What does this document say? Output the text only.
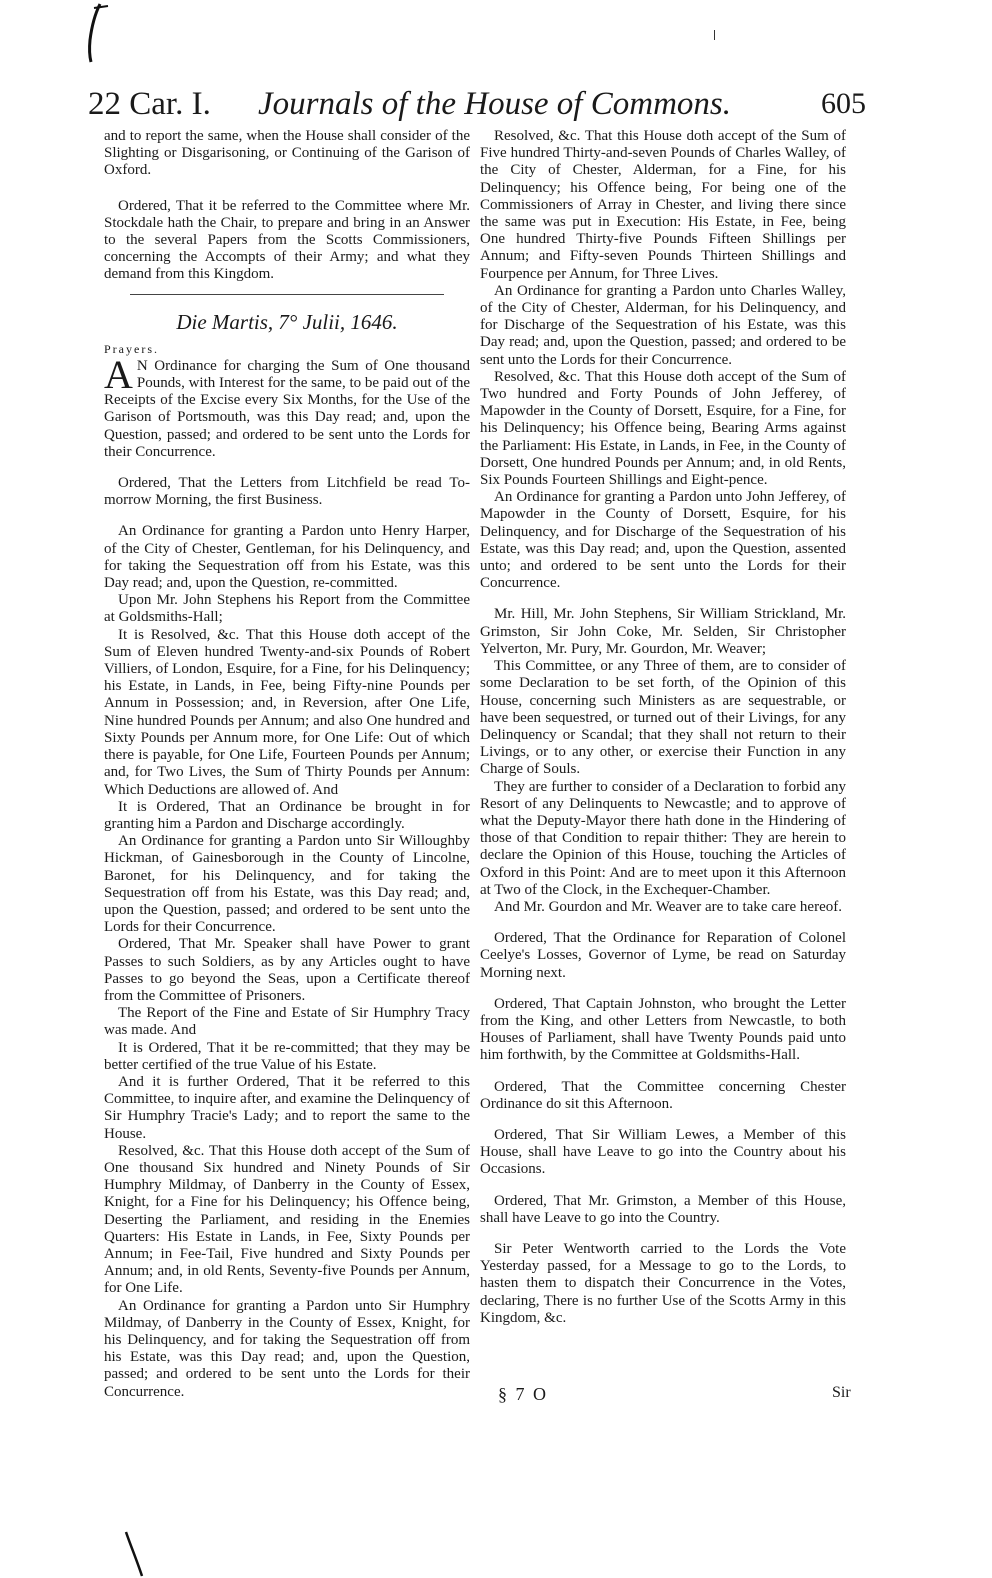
22 Car. I. Journals of the House of Commons.	605

and to report the same, when the House shall consider of the Slighting or Disgarisoning, or Continuing of the Garison of Oxford.

Ordered, That it be referred to the Committee where Mr. Stockdale hath the Chair, to prepare and bring in an Answer to the several Papers from the Scotts Commissioners, concerning the Accompts of their Army; and what they demand from this Kingdom.

Die Martis, 7° Julii, 1646.

Prayers.

A N Ordinance for charging the Sum of One thousand Pounds, with Interest for the same, to be paid out of the Receipts of the Excise every Six Months, for the Use of the Garison of Portsmouth, was this Day read; and, upon the Question, passed; and ordered to be sent unto the Lords for their Concurrence.

Ordered, That the Letters from Litchfield be read To-morrow Morning, the first Business.

An Ordinance for granting a Pardon unto Henry Harper, of the City of Chester, Gentleman, for his Delinquency, and for taking the Sequestration off from his Estate, was this Day read; and, upon the Question, re-committed.

Upon Mr. John Stephens his Report from the Committee at Goldsmiths-Hall;

It is Resolved, &c. That this House doth accept of the Sum of Eleven hundred Twenty-and-six Pounds of Robert Villiers, of London, Esquire, for a Fine, for his Delinquency; his Estate, in Lands, in Fee, being Fifty-nine Pounds per Annum in Possession; and, in Reversion, after One Life, Nine hundred Pounds per Annum; and also One hundred and Sixty Pounds per Annum more, for One Life: Out of which there is payable, for One Life, Fourteen Pounds per Annum; and, for Two Lives, the Sum of Thirty Pounds per Annum: Which Deductions are allowed of. And

It is Ordered, That an Ordinance be brought in for granting him a Pardon and Discharge accordingly.

An Ordinance for granting a Pardon unto Sir Willoughby Hickman, of Gainesborough in the County of Lincolne, Baronet, for his Delinquency, and for taking the Sequestration off from his Estate, was this Day read; and, upon the Question, passed; and ordered to be sent unto the Lords for their Concurrence.

Ordered, That Mr. Speaker shall have Power to grant Passes to such Soldiers, as by any Articles ought to have Passes to go beyond the Seas, upon a Certificate thereof from the Committee of Prisoners.

The Report of the Fine and Estate of Sir Humphry Tracy was made. And

It is Ordered, That it be re-committed; that they may be better certified of the true Value of his Estate.

And it is further Ordered, That it be referred to this Committee, to inquire after, and examine the Delinquency of Sir Humphry Tracie's Lady; and to report the same to the House.

Resolved, &c. That this House doth accept of the Sum of One thousand Six hundred and Ninety Pounds of Sir Humphry Mildmay, of Danberry in the County of Essex, Knight, for a Fine for his Delinquency; his Offence being, Deserting the Parliament, and residing in the Enemies Quarters: His Estate in Lands, in Fee, Sixty Pounds per Annum; in Fee-Tail, Five hundred and Sixty Pounds per Annum; and, in old Rents, Seventy-five Pounds per Annum, for One Life.

An Ordinance for granting a Pardon unto Sir Humphry Mildmay, of Danberry in the County of Essex, Knight, for his Delinquency, and for taking the Sequestration off from his Estate, was this Day read; and, upon the Question, passed; and ordered to be sent unto the Lords for their Concurrence.

Resolved, &c. That this House doth accept of the Sum of Five hundred Thirty-and-seven Pounds of Charles Walley, of the City of Chester, Alderman, for a Fine, for his Delinquency; his Offence being, For being one of the Commissioners of Array in Chester, and living there since the same was put in Execution: His Estate, in Fee, being One hundred Thirty-five Pounds Fifteen Shillings per Annum; and Fifty-seven Pounds Thirteen Shillings and Fourpence per Annum, for Three Lives.

An Ordinance for granting a Pardon unto Charles Walley, of the City of Chester, Alderman, for his Delinquency, and for Discharge of the Sequestration of his Estate, was this Day read; and, upon the Question, passed; and ordered to be sent unto the Lords for their Concurrence.

Resolved, &c. That this House doth accept of the Sum of Two hundred and Forty Pounds of John Jefferey, of Mapowder in the County of Dorsett, Esquire, for a Fine, for his Delinquency; his Offence being, Bearing Arms against the Parliament: His Estate, in Lands, in Fee, in the County of Dorsett, One hundred Pounds per Annum; and, in old Rents, Six Pounds Fourteen Shillings and Eight-pence.

An Ordinance for granting a Pardon unto John Jefferey, of Mapowder in the County of Dorsett, Esquire, for his Delinquency, and for Discharge of the Sequestration of his Estate, was this Day read; and, upon the Question, assented unto; and ordered to be sent unto the Lords for their Concurrence.

Mr. Hill, Mr. John Stephens, Sir William Strickland, Mr. Grimston, Sir John Coke, Mr. Selden, Sir Christopher Yelverton, Mr. Pury, Mr. Gourdon, Mr. Weaver;

This Committee, or any Three of them, are to consider of some Declaration to be set forth, of the Opinion of this House, concerning such Ministers as are sequestrable, or have been sequestred, or turned out of their Livings, for any Delinquency or Scandal; that they shall not return to their Livings, or to any other, or exercise their Function in any Charge of Souls.

They are further to consider of a Declaration to forbid any Resort of any Delinquents to Newcastle; and to approve of what the Deputy-Mayor there hath done in the Hindering of those of that Condition to repair thither: They are herein to declare the Opinion of this House, touching the Articles of Oxford in this Point: And are to meet upon it this Afternoon at Two of the Clock, in the Exchequer-Chamber.

And Mr. Gourdon and Mr. Weaver are to take care hereof.

Ordered, That the Ordinance for Reparation of Colonel Ceelye's Losses, Governor of Lyme, be read on Saturday Morning next.

Ordered, That Captain Johnston, who brought the Letter from the King, and other Letters from Newcastle, to both Houses of Parliament, shall have Twenty Pounds paid unto him forthwith, by the Committee at Goldsmiths-Hall.

Ordered, That the Committee concerning Chester Ordinance do sit this Afternoon.

Ordered, That Sir William Lewes, a Member of this House, shall have Leave to go into the Country about his Occasions.

Ordered, That Mr. Grimston, a Member of this House, shall have Leave to go into the Country.

Sir Peter Wentworth carried to the Lords the Vote Yesterday passed, for a Message to go to the Lords, to hasten them to dispatch their Concurrence in the Votes, declaring, There is no further Use of the Scotts Army in this Kingdom, &c.

§ 7 O	Sir
